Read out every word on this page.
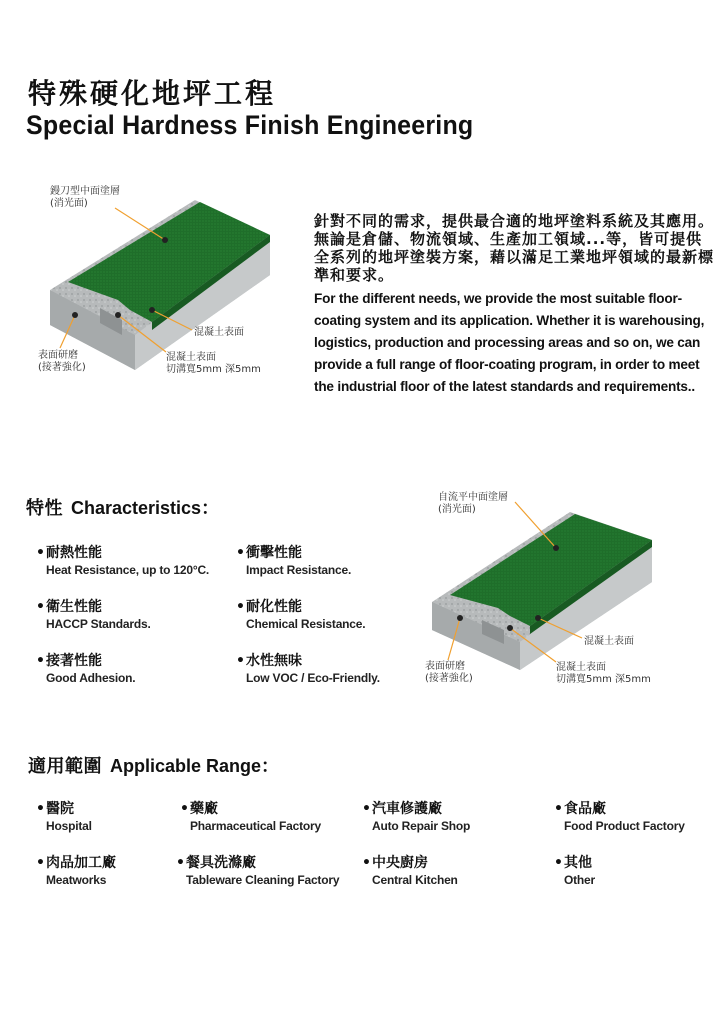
特殊硬化地坪工程
Special Hardness Finish Engineering
鏝刀型中面塗層
(消光面)
混凝土表面
表面研磨
(接著強化)
混凝土表面
切溝寬5mm 深5mm
針對不同的需求，提供最合適的地坪塗料系統及其應用。無論是倉儲、物流領域、生產加工領域...等，皆可提供全系列的地坪塗裝方案，藉以滿足工業地坪領域的最新標準和要求。
For the different needs, we provide the most suitable floor-coating system and its application. Whether it is warehousing, logistics, production and processing areas and so on, we can provide a full range of floor-coating program, in order to meet the industrial floor of the latest standards and requirements..
特性 Characteristics：
•耐熱性能
Heat Resistance, up to 120°C.
•衝擊性能
Impact Resistance.
•衛生性能
HACCP Standards.
•耐化性能
Chemical Resistance.
•接著性能
Good Adhesion.
•水性無味
Low VOC / Eco-Friendly.
自流平中面塗層
(消光面)
混凝土表面
表面研磨
(接著強化)
混凝土表面
切溝寬5mm 深5mm
適用範圍 Applicable Range：
•醫院
Hospital
•藥廠
Pharmaceutical Factory
•汽車修護廠
Auto Repair Shop
•食品廠
Food Product Factory
•肉品加工廠
Meatworks
•餐具洗滌廠
Tableware Cleaning Factory
•中央廚房
Central Kitchen
•其他
Other
